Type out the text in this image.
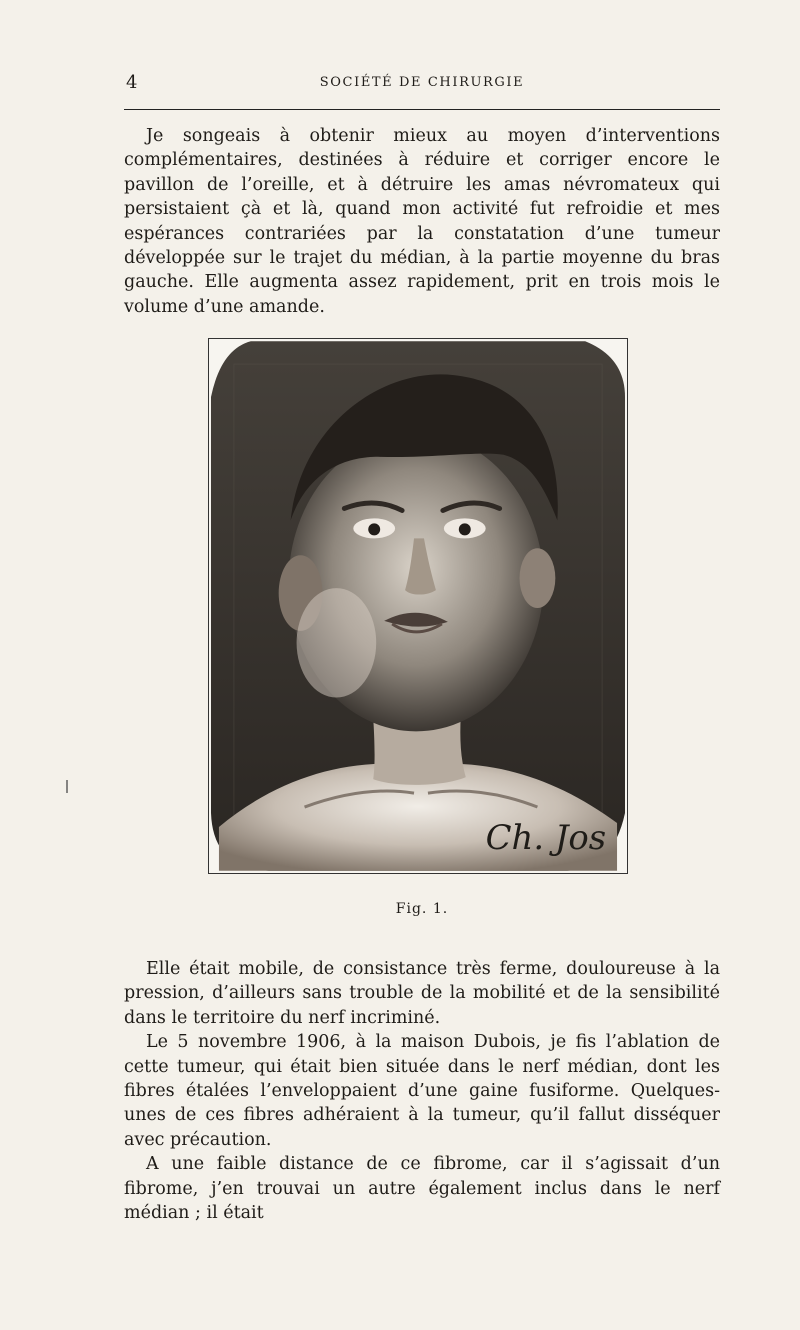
4	SOCIÉTÉ DE CHIRURGIE

Je songeais à obtenir mieux au moyen d’interventions complémentaires, destinées à réduire et corriger encore le pavillon de l’oreille, et à détruire les amas névromateux qui persistaient çà et là, quand mon activité fut refroidie et mes espérances contrariées par la constatation d’une tumeur développée sur le trajet du médian, à la partie moyenne du bras gauche. Elle augmenta assez rapidement, prit en trois mois le volume d’une amande.

Ch. Jos
Fig. 1.

Elle était mobile, de consistance très ferme, douloureuse à la pression, d’ailleurs sans trouble de la mobilité et de la sensibilité dans le territoire du nerf incriminé.

Le 5 novembre 1906, à la maison Dubois, je fis l’ablation de cette tumeur, qui était bien située dans le nerf médian, dont les fibres étalées l’enveloppaient d’une gaine fusiforme. Quelques-unes de ces fibres adhéraient à la tumeur, qu’il fallut disséquer avec précaution.

A une faible distance de ce fibrome, car il s’agissait d’un fibrome, j’en trouvai un autre également inclus dans le nerf médian ; il était
